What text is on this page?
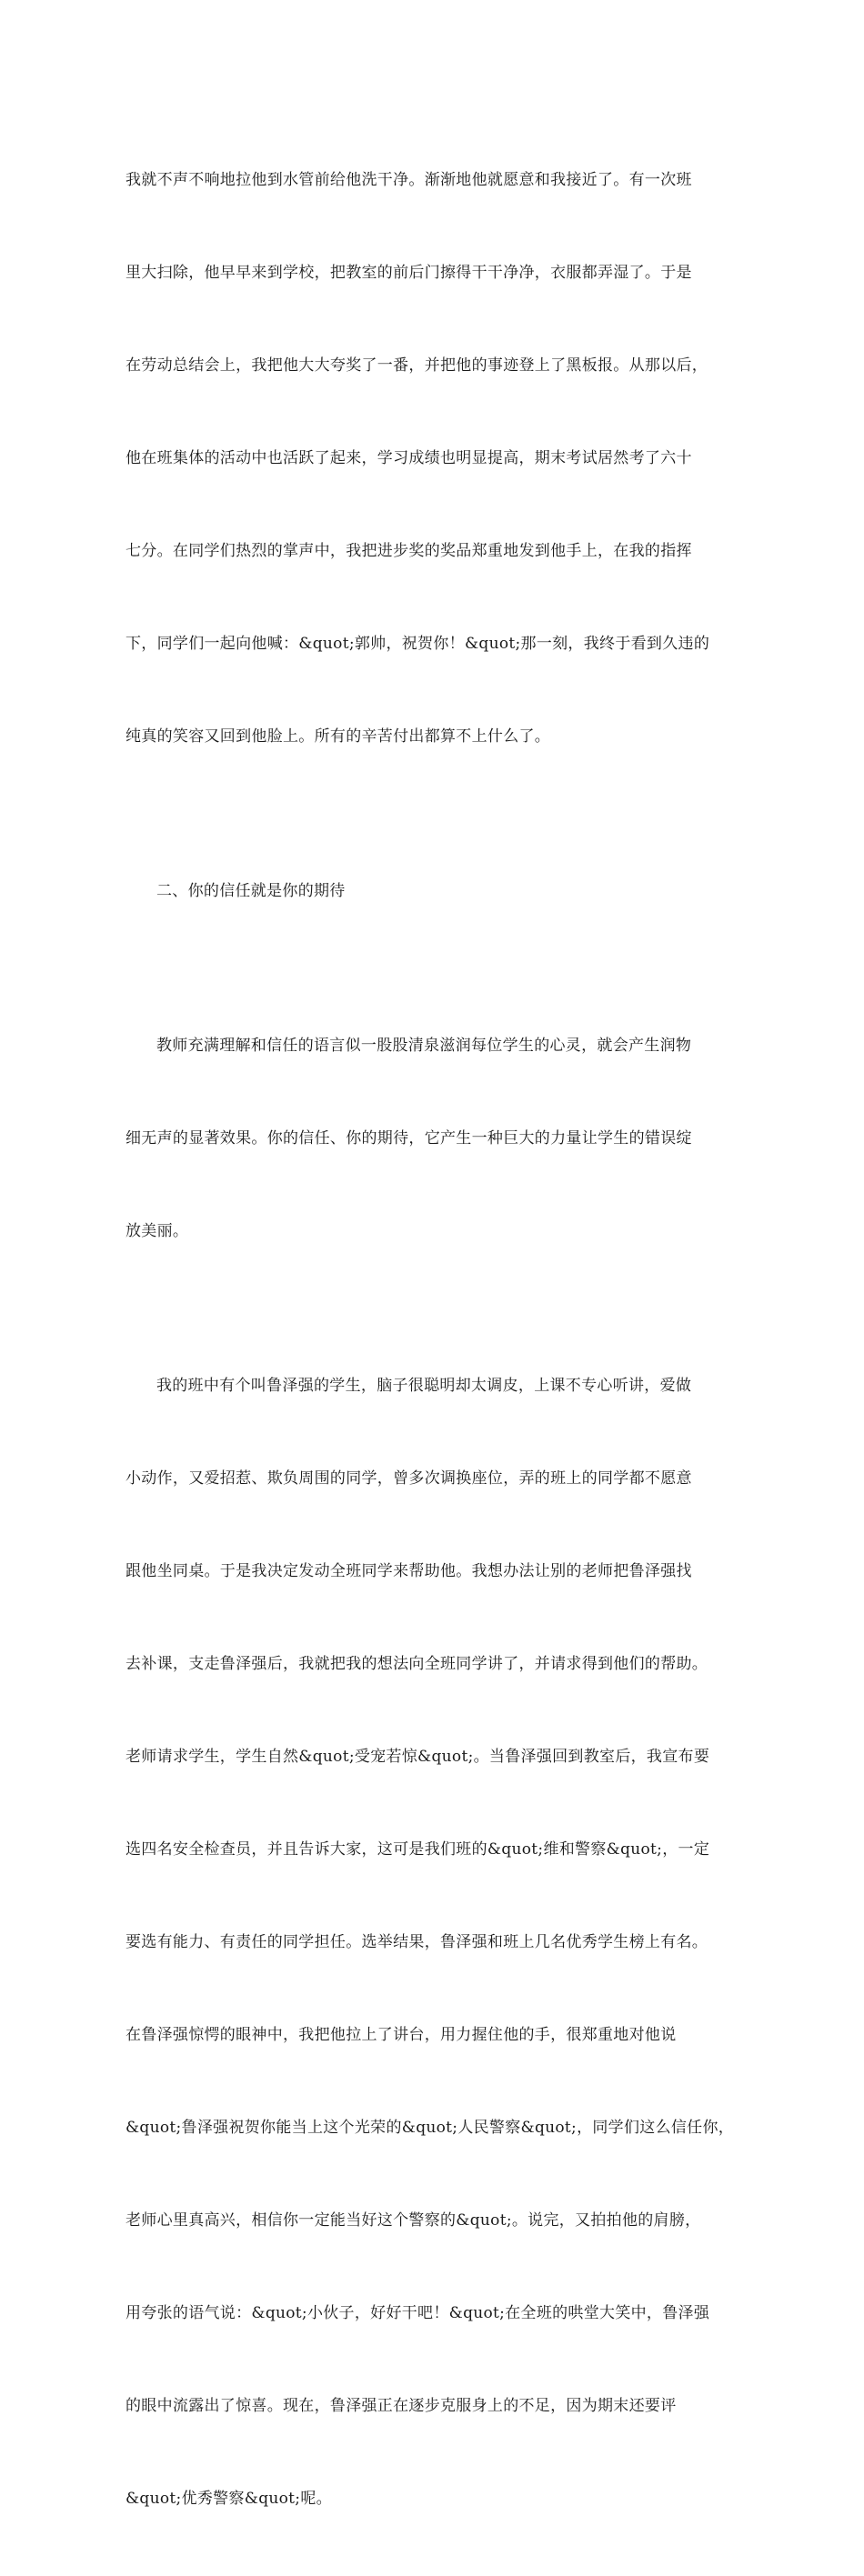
我就不声不响地拉他到水管前给他洗干净。渐渐地他就愿意和我接近了。有一次班

里大扫除，他早早来到学校，把教室的前后门擦得干干净净，衣服都弄湿了。于是

在劳动总结会上，我把他大大夸奖了一番，并把他的事迹登上了黑板报。从那以后，

他在班集体的活动中也活跃了起来，学习成绩也明显提高，期末考试居然考了六十

七分。在同学们热烈的掌声中，我把进步奖的奖品郑重地发到他手上，在我的指挥

下，同学们一起向他喊：&quot;郭帅，祝贺你！&quot;那一刻，我终于看到久违的

纯真的笑容又回到他脸上。所有的辛苦付出都算不上什么了。

二、你的信任就是你的期待

教师充满理解和信任的语言似一股股清泉滋润每位学生的心灵，就会产生润物

细无声的显著效果。你的信任、你的期待，它产生一种巨大的力量让学生的错误绽

放美丽。

我的班中有个叫鲁泽强的学生，脑子很聪明却太调皮，上课不专心听讲，爱做

小动作，又爱招惹、欺负周围的同学，曾多次调换座位，弄的班上的同学都不愿意

跟他坐同桌。于是我决定发动全班同学来帮助他。我想办法让别的老师把鲁泽强找

去补课，支走鲁泽强后，我就把我的想法向全班同学讲了，并请求得到他们的帮助。

老师请求学生，学生自然&quot;受宠若惊&quot;。当鲁泽强回到教室后，我宣布要

选四名安全检查员，并且告诉大家，这可是我们班的&quot;维和警察&quot;，一定

要选有能力、有责任的同学担任。选举结果，鲁泽强和班上几名优秀学生榜上有名。

在鲁泽强惊愕的眼神中，我把他拉上了讲台，用力握住他的手，很郑重地对他说

&quot;鲁泽强祝贺你能当上这个光荣的&quot;人民警察&quot;，同学们这么信任你，

老师心里真高兴，相信你一定能当好这个警察的&quot;。说完，又拍拍他的肩膀，

用夸张的语气说：&quot;小伙子，好好干吧！&quot;在全班的哄堂大笑中，鲁泽强

的眼中流露出了惊喜。现在，鲁泽强正在逐步克服身上的不足，因为期末还要评

&quot;优秀警察&quot;呢。
